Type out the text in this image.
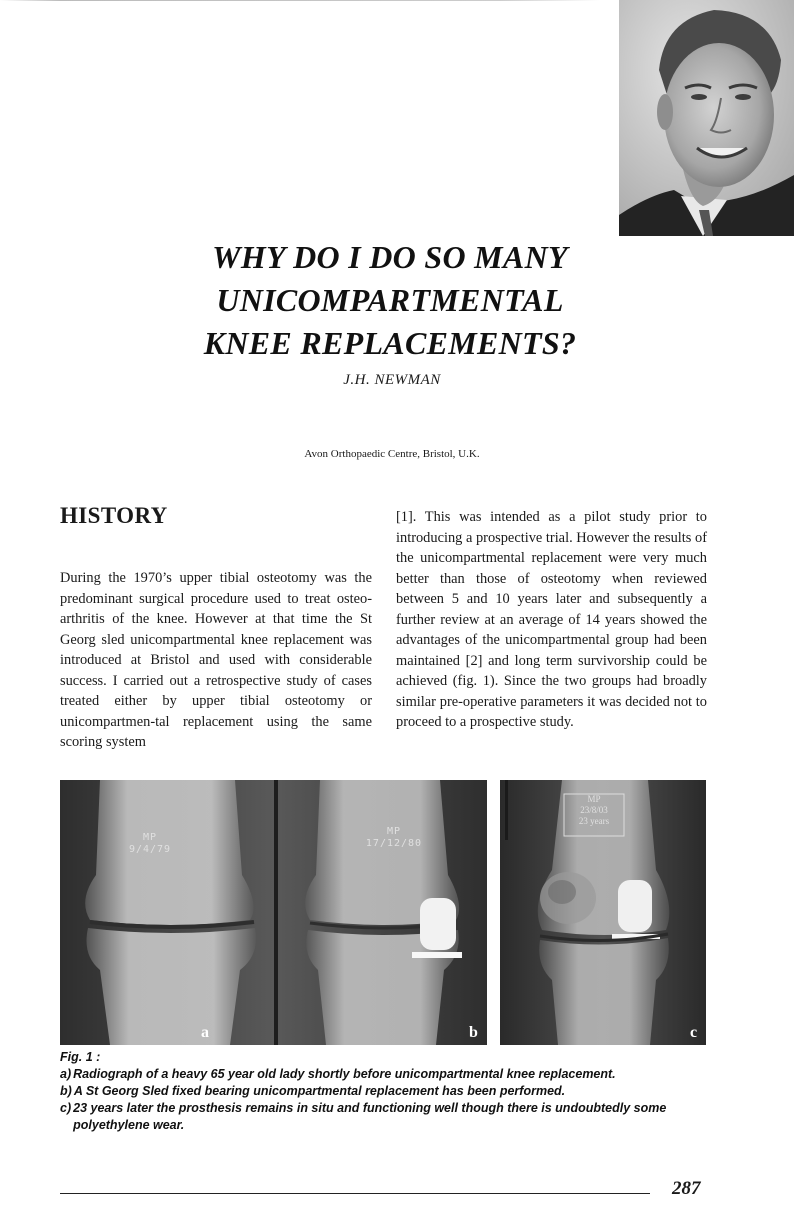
WHY DO I DO SO MANY
UNICOMPARTMENTAL
KNEE REPLACEMENTS?
J.H. NEWMAN
Avon Orthopaedic Centre, Bristol, U.K.
HISTORY

During the 1970’s upper tibial osteotomy was the predominant surgical procedure used to treat osteo-arthritis of the knee. However at that time the St Georg sled unicompartmental knee replacement was introduced at Bristol and used with considerable success. I carried out a retrospective study of cases treated either by upper tibial osteotomy or unicompartmen-tal replacement using the same scoring system

[1]. This was intended as a pilot study prior to introducing a prospective trial. However the results of the unicompartmental replacement were very much better than those of osteotomy when reviewed between 5 and 10 years later and subsequently a further review at an average of 14 years showed the advantages of the unicompartmental group had been maintained [2] and long term survivorship could be achieved (fig. 1). Since the two groups had broadly similar pre-operative parameters it was decided not to proceed to a prospective study.

MP
9/4/79
MP
17/12/80
a	b
MP
23/8/03
23 years
c
Fig. 1 :
a) Radiograph of a heavy 65 year old lady shortly before unicompartmental knee replacement.
b) A St Georg Sled fixed bearing unicompartmental replacement has been performed.
c) 23 years later the prosthesis remains in situ and functioning well though there is undoubtedly some polyethylene wear.
287
